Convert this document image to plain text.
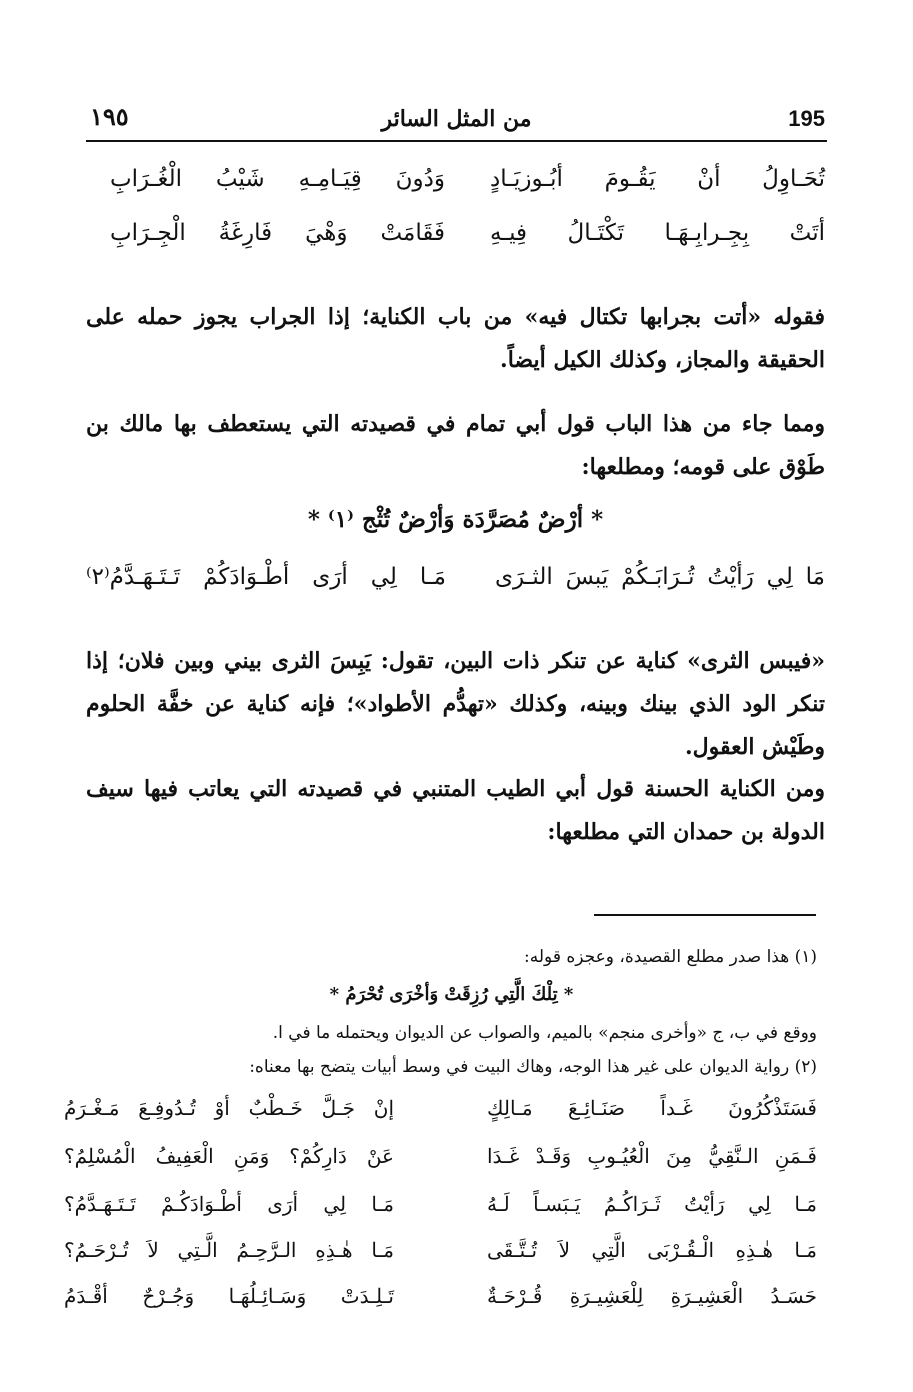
195
من المثل السائر
١٩٥
تُحَـاوِلُ أنْ يَقُـومَ أبُـوزيَـادٍ
وَدُونَ قِيَـامِـهِ شَيْبُ الْغُـرَابِ
أتَتْ بِجِـرابِـهَـا تَكْتَـالُ فِيـهِ
فَقَامَتْ وَهْيَ فَارِغَةُ الْجِـرَابِ
فقوله «أتت بجرابها تكتال فيه» من باب الكناية؛ إذا الجراب يجوز حمله على الحقيقة والمجاز، وكذلك الكيل أيضاً.
ومما جاء من هذا الباب قول أبي تمام في قصيدته التي يستعطف بها مالك بن طَوْق على قومه؛ ومطلعها:
* أرْضٌ مُصَرَّدَة وَأرْضٌ تُثْج ⁽١⁾ *
مَـا لِي أرَى أطْـوَادَكُمْ تَـتَـهَـدَّمُ⁽٢⁾ مَا لِي رَأيْتُ تُـرَابَـكُمْ يَبسَ الثـرَى
«فيبس الثرى» كناية عن تنكر ذات البين، تقول: يَبِسَ الثرى بيني وبين فلان؛ إذا تنكر الود الذي بينك وبينه، وكذلك «تهدُّم الأطواد»؛ فإنه كناية عن خفَّة الحلوم وطَيْش العقول.
ومن الكناية الحسنة قول أبي الطيب المتنبي في قصيدته التي يعاتب فيها سيف الدولة بن حمدان التي مطلعها:
(١) هذا صدر مطلع القصيدة، وعجزه قوله:
* تِلْكَ الَّتِي رُزِقَتْ وَأخْرَى تُحْرَمُ *
ووقع في ب، ج «وأخرى منجم» بالميم، والصواب عن الديوان ويحتمله ما في ا.
(٢) رواية الديوان على غير هذا الوجه، وهاك البيت في وسط أبيات يتضح بها معناه:
فَسَتَذْكُرُونَ غَـداً صَنَـائِـعَ مَـالِكٍ
إنْ جَـلَّ خَـطْبٌ أوْ تُـدُوفِـعَ مَـغْـرَمُ
فَـمَنِ الـنَّقِيُّ مِنَ الْعُيُـوبِ وَقَـدْ غَـدَا
عَنْ دَارِكُمْ؟ وَمَنِ الْعَفِيفُ الْمُسْلِمُ؟
مَـا لِي رَأيْتُ ثَـرَاكُـمُ يَـبَسـاً لَـهُ
مَـا لِي أرَى أطْـوَادَكُـمْ تَـتَـهَـدَّمُ؟
مَـا هٰـذِهِ الْـقُـرْبَى الَّتِي لاَ تُـتَّـقَى
مَـا هٰـذِهِ الـرَّحِـمُ الَّـتِي لاَ تُـرْحَـمُ؟
حَسَـدُ الْعَشِيـرَةِ لِلْعَشِيـرَةِ قُـرْحَـةٌ
تَـلِـدَتْ وَسَـائِـلُهَـا وَجُـرْحٌ أقْـدَمُ
